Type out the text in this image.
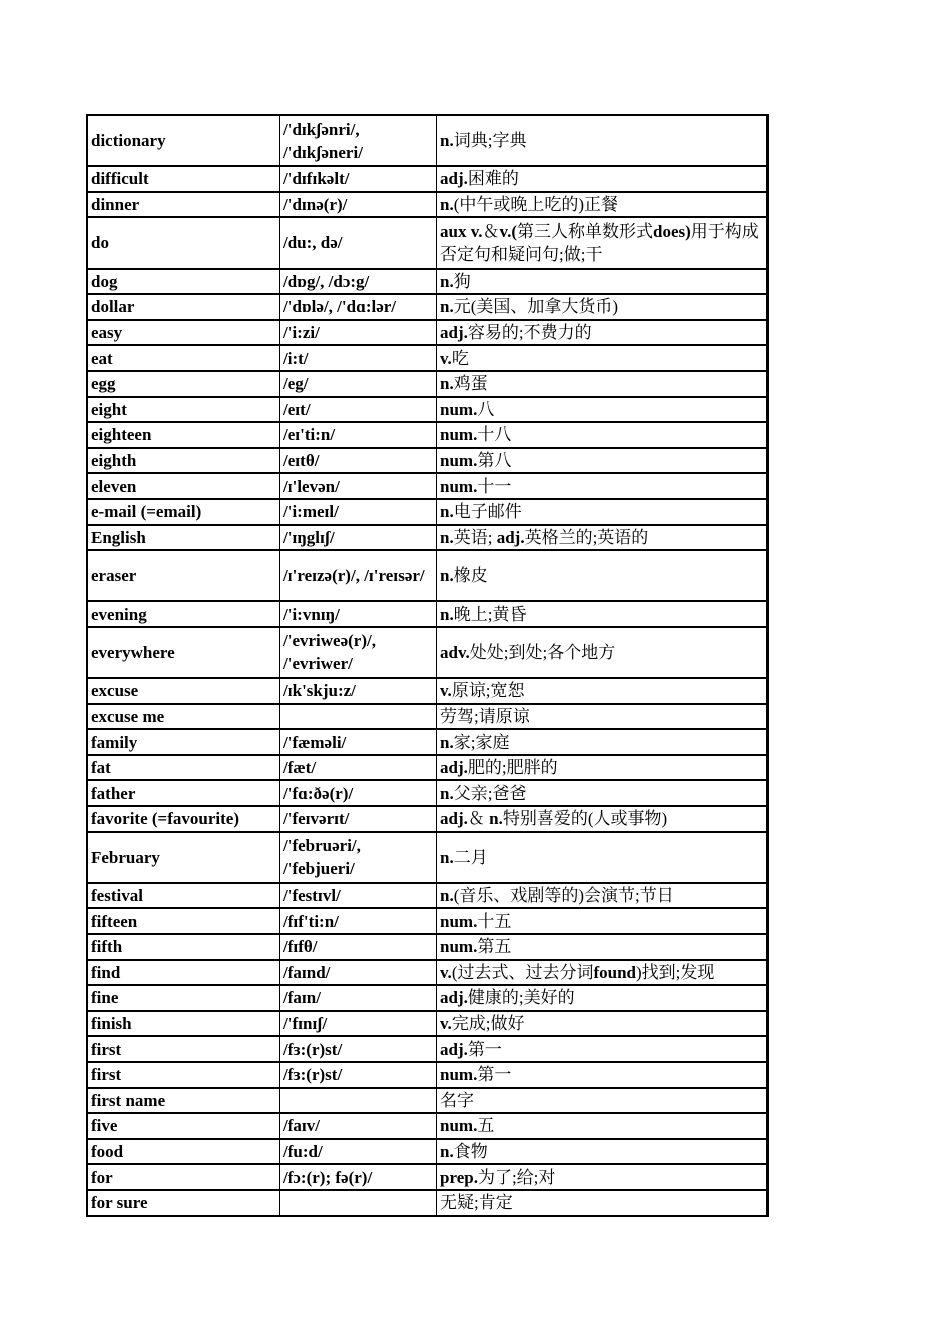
dictionary	/'dɪkʃənri/, /'dɪkʃəneri/	n.词典;字典
difficult	/'dɪfɪkəlt/	adj.困难的
dinner	/'dɪnə(r)/	n.(中午或晚上吃的)正餐
do	/du:, də/	aux v.＆v.(第三人称单数形式does)用于构成否定句和疑问句;做;干
dog	/dɒg/, /dɔ:g/	n.狗
dollar	/'dɒlə/, /'dɑ:lər/	n.元(美国、加拿大货币)
easy	/'i:zi/	adj.容易的;不费力的
eat	/i:t/	v.吃
egg	/eg/	n.鸡蛋
eight	/eɪt/	num.八
eighteen	/eɪ'ti:n/	num.十八
eighth	/eɪtθ/	num.第八
eleven	/ɪ'levən/	num.十一
e-mail (=email)	/'i:meɪl/	n.电子邮件
English	/'ɪŋglɪʃ/	n.英语; adj.英格兰的;英语的
eraser	/ɪ'reɪzə(r)/, /ɪ'reɪsər/	n.橡皮
evening	/'i:vnɪŋ/	n.晚上;黄昏
everywhere	/'evriweə(r)/, /'evriwer/	adv.处处;到处;各个地方
excuse	/ɪk'skju:z/	v.原谅;宽恕
excuse me		劳驾;请原谅
family	/'fæməli/	n.家;家庭
fat	/fæt/	adj.肥的;肥胖的
father	/'fɑ:ðə(r)/	n.父亲;爸爸
favorite (=favourite)	/'feɪvərɪt/	adj.＆ n.特别喜爱的(人或事物)
February	/'februəri/, /'febjueri/	n.二月
festival	/'festɪvl/	n.(音乐、戏剧等的)会演节;节日
fifteen	/fɪf'ti:n/	num.十五
fifth	/fɪfθ/	num.第五
find	/faɪnd/	v.(过去式、过去分词found)找到;发现
fine	/faɪn/	adj.健康的;美好的
finish	/'fɪnɪʃ/	v.完成;做好
first	/fɜ:(r)st/	adj.第一
first	/fɜ:(r)st/	num.第一
first name		名字
five	/faɪv/	num.五
food	/fu:d/	n.食物
for	/fɔ:(r); fə(r)/	prep.为了;给;对
for sure		无疑;肯定
